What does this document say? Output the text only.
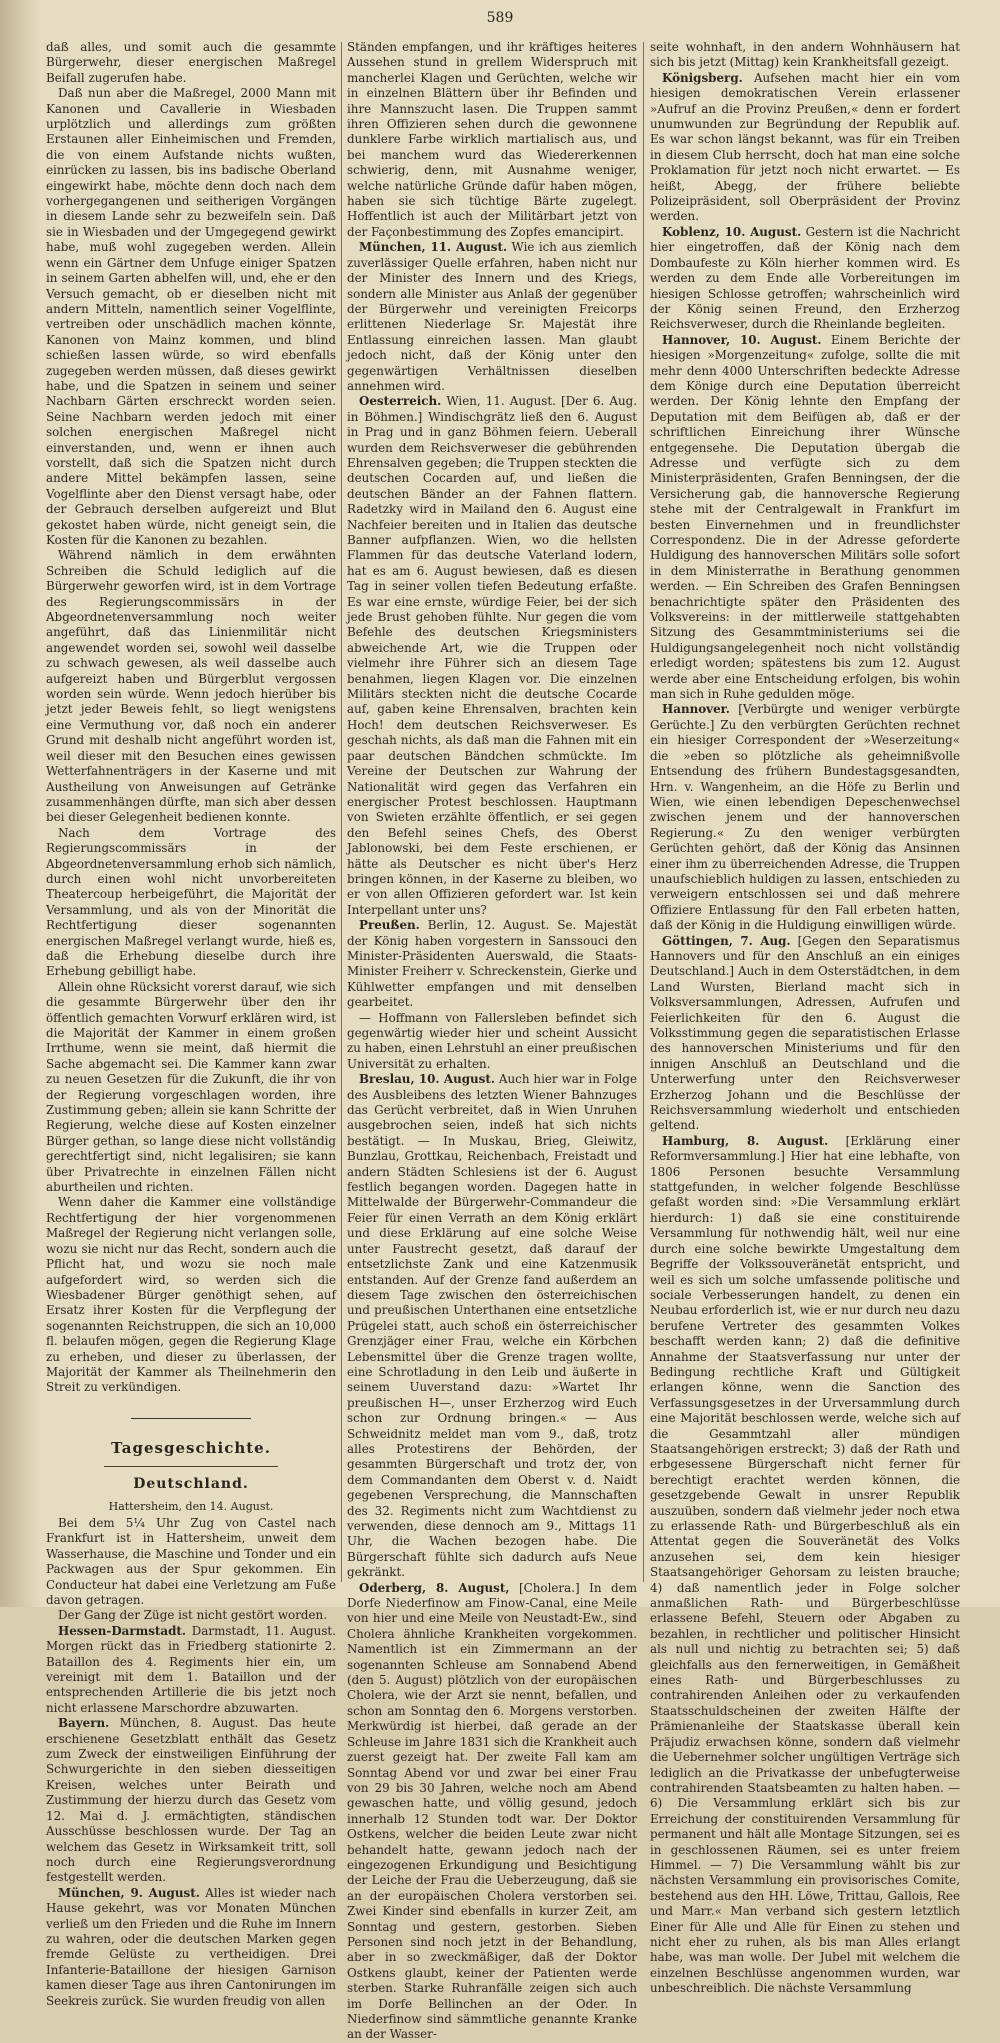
589

daß alles, und somit auch die gesammte Bürgerwehr, dieser energischen Maßregel Beifall zugerufen habe.

Daß nun aber die Maßregel, 2000 Mann mit Kanonen und Cavallerie in Wiesbaden urplötzlich und allerdings zum größten Erstaunen aller Einheimischen und Fremden, die von einem Aufstande nichts wußten, einrücken zu lassen, bis ins badische Oberland eingewirkt habe, möchte denn doch nach dem vorhergegangenen und seitherigen Vorgängen in diesem Lande sehr zu bezweifeln sein. Daß sie in Wiesbaden und der Umgegegend gewirkt habe, muß wohl zugegeben werden. Allein wenn ein Gärtner dem Unfuge einiger Spatzen in seinem Garten abhelfen will, und, ehe er den Versuch gemacht, ob er dieselben nicht mit andern Mitteln, namentlich seiner Vogelflinte, vertreiben oder unschädlich machen könnte, Kanonen von Mainz kommen, und blind schießen lassen würde, so wird ebenfalls zugegeben werden müssen, daß dieses gewirkt habe, und die Spatzen in seinem und seiner Nachbarn Gärten erschreckt worden seien. Seine Nachbarn werden jedoch mit einer solchen energischen Maßregel nicht einverstanden, und, wenn er ihnen auch vorstellt, daß sich die Spatzen nicht durch andere Mittel bekämpfen lassen, seine Vogelflinte aber den Dienst versagt habe, oder der Gebrauch derselben aufgereizt und Blut gekostet haben würde, nicht geneigt sein, die Kosten für die Kanonen zu bezahlen.

Während nämlich in dem erwähnten Schreiben die Schuld lediglich auf die Bürgerwehr geworfen wird, ist in dem Vortrage des Regierungscommissärs in der Abgeordnetenversammlung noch weiter angeführt, daß das Linienmilitär nicht angewendet worden sei, sowohl weil dasselbe zu schwach gewesen, als weil dasselbe auch aufgereizt haben und Bürgerblut vergossen worden sein würde. Wenn jedoch hierüber bis jetzt jeder Beweis fehlt, so liegt wenigstens eine Vermuthung vor, daß noch ein anderer Grund mit deshalb nicht angeführt worden ist, weil dieser mit den Besuchen eines gewissen Wetterfahnenträgers in der Kaserne und mit Austheilung von Anweisungen auf Getränke zusammenhängen dürfte, man sich aber dessen bei dieser Gelegenheit bedienen konnte.

Nach dem Vortrage des Regierungscommissärs in der Abgeordnetenversammlung erhob sich nämlich, durch einen wohl nicht unvorbereiteten Theatercoup herbeigeführt, die Majorität der Versammlung, und als von der Minorität die Rechtfertigung dieser sogenannten energischen Maßregel verlangt wurde, hieß es, daß die Erhebung dieselbe durch ihre Erhebung gebilligt habe.

Allein ohne Rücksicht vorerst darauf, wie sich die gesammte Bürgerwehr über den ihr öffentlich gemachten Vorwurf erklären wird, ist die Majorität der Kammer in einem großen Irrthume, wenn sie meint, daß hiermit die Sache abgemacht sei. Die Kammer kann zwar zu neuen Gesetzen für die Zukunft, die ihr von der Regierung vorgeschlagen worden, ihre Zustimmung geben; allein sie kann Schritte der Regierung, welche diese auf Kosten einzelner Bürger gethan, so lange diese nicht vollständig gerechtfertigt sind, nicht legalisiren; sie kann über Privatrechte in einzelnen Fällen nicht aburtheilen und richten.

Wenn daher die Kammer eine vollständige Rechtfertigung der hier vorgenommenen Maßregel der Regierung nicht verlangen solle, wozu sie nicht nur das Recht, sondern auch die Pflicht hat, und wozu sie noch male aufgefordert wird, so werden sich die Wiesbadener Bürger genöthigt sehen, auf Ersatz ihrer Kosten für die Verpflegung der sogenannten Reichstruppen, die sich an 10,000 fl. belaufen mögen, gegen die Regierung Klage zu erheben, und dieser zu überlassen, der Majorität der Kammer als Theilnehmerin den Streit zu verkündigen.

Tagesgeschichte.
Deutschland.
Hattersheim, den 14. August.

Bei dem 5¼ Uhr Zug von Castel nach Frankfurt ist in Hattersheim, unweit dem Wasserhause, die Maschine und Tonder und ein Packwagen aus der Spur gekommen. Ein Conducteur hat dabei eine Verletzung am Fuße davon getragen.

Der Gang der Züge ist nicht gestört worden.

Hessen-Darmstadt. Darmstadt, 11. August. Morgen rückt das in Friedberg stationirte 2. Bataillon des 4. Regiments hier ein, um vereinigt mit dem 1. Bataillon und der entsprechenden Artillerie die bis jetzt noch nicht erlassene Marschordre abzuwarten.

Bayern. München, 8. August. Das heute erschienene Gesetzblatt enthält das Gesetz zum Zweck der einstweiligen Einführung der Schwurgerichte in den sieben diesseitigen Kreisen, welches unter Beirath und Zustimmung der hierzu durch das Gesetz vom 12. Mai d. J. ermächtigten, ständischen Ausschüsse beschlossen wurde. Der Tag an welchem das Gesetz in Wirksamkeit tritt, soll noch durch eine Regierungsverordnung festgestellt werden.

München, 9. August. Alles ist wieder nach Hause gekehrt, was vor Monaten München verließ um den Frieden und die Ruhe im Innern zu wahren, oder die deutschen Marken gegen fremde Gelüste zu vertheidigen. Drei Infanterie-Bataillone der hiesigen Garnison kamen dieser Tage aus ihren Cantonirungen im Seekreis zurück. Sie wurden freudig von allen

Ständen empfangen, und ihr kräftiges heiteres Aussehen stund in grellem Widerspruch mit mancherlei Klagen und Gerüchten, welche wir in einzelnen Blättern über ihr Befinden und ihre Mannszucht lasen. Die Truppen sammt ihren Offizieren sehen durch die gewonnene dunklere Farbe wirklich martialisch aus, und bei manchem wurd das Wiedererkennen schwierig, denn, mit Ausnahme weniger, welche natürliche Gründe dafür haben mögen, haben sie sich tüchtige Bärte zugelegt. Hoffentlich ist auch der Militärbart jetzt von der Façonbestimmung des Zopfes emancipirt.

München, 11. August. Wie ich aus ziemlich zuverlässiger Quelle erfahren, haben nicht nur der Minister des Innern und des Kriegs, sondern alle Minister aus Anlaß der gegenüber der Bürgerwehr und vereinigten Freicorps erlittenen Niederlage Sr. Majestät ihre Entlassung einreichen lassen. Man glaubt jedoch nicht, daß der König unter den gegenwärtigen Verhältnissen dieselben annehmen wird.

Oesterreich. Wien, 11. August. [Der 6. Aug. in Böhmen.] Windischgrätz ließ den 6. August in Prag und in ganz Böhmen feiern. Ueberall wurden dem Reichsverweser die gebührenden Ehrensalven gegeben; die Truppen steckten die deutschen Cocarden auf, und ließen die deutschen Bänder an der Fahnen flattern. Radetzky wird in Mailand den 6. August eine Nachfeier bereiten und in Italien das deutsche Banner aufpflanzen. Wien, wo die hellsten Flammen für das deutsche Vaterland lodern, hat es am 6. August bewiesen, daß es diesen Tag in seiner vollen tiefen Bedeutung erfaßte. Es war eine ernste, würdige Feier, bei der sich jede Brust gehoben fühlte. Nur gegen die vom Befehle des deutschen Kriegsministers abweichende Art, wie die Truppen oder vielmehr ihre Führer sich an diesem Tage benahmen, liegen Klagen vor. Die einzelnen Militärs steckten nicht die deutsche Cocarde auf, gaben keine Ehrensalven, brachten kein Hoch! dem deutschen Reichsverweser. Es geschah nichts, als daß man die Fahnen mit ein paar deutschen Bändchen schmückte. Im Vereine der Deutschen zur Wahrung der Nationalität wird gegen das Verfahren ein energischer Protest beschlossen. Hauptmann von Swieten erzählte öffentlich, er sei gegen den Befehl seines Chefs, des Oberst Jablonowski, bei dem Feste erschienen, er hätte als Deutscher es nicht über's Herz bringen können, in der Kaserne zu bleiben, wo er von allen Offizieren gefordert war. Ist kein Interpellant unter uns?

Preußen. Berlin, 12. August. Se. Majestät der König haben vorgestern in Sanssouci den Minister-Präsidenten Auerswald, die Staats-Minister Freiherr v. Schreckenstein, Gierke und Kühlwetter empfangen und mit denselben gearbeitet.

— Hoffmann von Fallersleben befindet sich gegenwärtig wieder hier und scheint Aussicht zu haben, einen Lehrstuhl an einer preußischen Universität zu erhalten.

Breslau, 10. August. Auch hier war in Folge des Ausbleibens des letzten Wiener Bahnzuges das Gerücht verbreitet, daß in Wien Unruhen ausgebrochen seien, indeß hat sich nichts bestätigt. — In Muskau, Brieg, Gleiwitz, Bunzlau, Grottkau, Reichenbach, Freistadt und andern Städten Schlesiens ist der 6. August festlich begangen worden. Dagegen hatte in Mittelwalde der Bürgerwehr-Commandeur die Feier für einen Verrath an dem König erklärt und diese Erklärung auf eine solche Weise unter Faustrecht gesetzt, daß darauf der entsetzlichste Zank und eine Katzenmusik entstanden. Auf der Grenze fand außerdem an diesem Tage zwischen den österreichischen und preußischen Unterthanen eine entsetzliche Prügelei statt, auch schoß ein österreichischer Grenzjäger einer Frau, welche ein Körbchen Lebensmittel über die Grenze tragen wollte, eine Schrotladung in den Leib und äußerte in seinem Uuverstand dazu: »Wartet Ihr preußischen H—, unser Erzherzog wird Euch schon zur Ordnung bringen.« — Aus Schweidnitz meldet man vom 9., daß, trotz alles Protestirens der Behörden, der gesammten Bürgerschaft und trotz der, von dem Commandanten dem Oberst v. d. Naidt gegebenen Versprechung, die Mannschaften des 32. Regiments nicht zum Wachtdienst zu verwenden, diese dennoch am 9., Mittags 11 Uhr, die Wachen bezogen habe. Die Bürgerschaft fühlte sich dadurch aufs Neue gekränkt.

Oderberg, 8. August, [Cholera.] In dem Dorfe Niederfinow am Finow-Canal, eine Meile von hier und eine Meile von Neustadt-Ew., sind Cholera ähnliche Krankheiten vorgekommen. Namentlich ist ein Zimmermann an der sogenannten Schleuse am Sonnabend Abend (den 5. August) plötzlich von der europäischen Cholera, wie der Arzt sie nennt, befallen, und schon am Sonntag den 6. Morgens verstorben. Merkwürdig ist hierbei, daß gerade an der Schleuse im Jahre 1831 sich die Krankheit auch zuerst gezeigt hat. Der zweite Fall kam am Sonntag Abend vor und zwar bei einer Frau von 29 bis 30 Jahren, welche noch am Abend gewaschen hatte, und völlig gesund, jedoch innerhalb 12 Stunden todt war. Der Doktor Ostkens, welcher die beiden Leute zwar nicht behandelt hatte, gewann jedoch nach der eingezogenen Erkundigung und Besichtigung der Leiche der Frau die Ueberzeugung, daß sie an der europäischen Cholera verstorben sei. Zwei Kinder sind ebenfalls in kurzer Zeit, am Sonntag und gestern, gestorben. Sieben Personen sind noch jetzt in der Behandlung, aber in so zweckmäßiger, daß der Doktor Ostkens glaubt, keiner der Patienten werde sterben. Starke Ruhranfälle zeigen sich auch im Dorfe Bellinchen an der Oder. In Niederfinow sind sämmtliche genannte Kranke an der Wasser-

seite wohnhaft, in den andern Wohnhäusern hat sich bis jetzt (Mittag) kein Krankheitsfall gezeigt.

Königsberg. Aufsehen macht hier ein vom hiesigen demokratischen Verein erlassener »Aufruf an die Provinz Preußen,« denn er fordert unumwunden zur Begründung der Republik auf. Es war schon längst bekannt, was für ein Treiben in diesem Club herrscht, doch hat man eine solche Proklamation für jetzt noch nicht erwartet. — Es heißt, Abegg, der frühere beliebte Polizeipräsident, soll Oberpräsident der Provinz werden.

Koblenz, 10. August. Gestern ist die Nachricht hier eingetroffen, daß der König nach dem Dombaufeste zu Köln hierher kommen wird. Es werden zu dem Ende alle Vorbereitungen im hiesigen Schlosse getroffen; wahrscheinlich wird der König seinen Freund, den Erzherzog Reichsverweser, durch die Rheinlande begleiten.

Hannover, 10. August. Einem Berichte der hiesigen »Morgenzeitung« zufolge, sollte die mit mehr denn 4000 Unterschriften bedeckte Adresse dem Könige durch eine Deputation überreicht werden. Der König lehnte den Empfang der Deputation mit dem Beifügen ab, daß er der schriftlichen Einreichung ihrer Wünsche entgegensehe. Die Deputation übergab die Adresse und verfügte sich zu dem Ministerpräsidenten, Grafen Benningsen, der die Versicherung gab, die hannoversche Regierung stehe mit der Centralgewalt in Frankfurt im besten Einvernehmen und in freundlichster Correspondenz. Die in der Adresse geforderte Huldigung des hannoverschen Militärs solle sofort in dem Ministerrathe in Berathung genommen werden. — Ein Schreiben des Grafen Benningsen benachrichtigte später den Präsidenten des Volksvereins: in der mittlerweile stattgehabten Sitzung des Gesammtministeriums sei die Huldigungsangelegenheit noch nicht vollständig erledigt worden; spätestens bis zum 12. August werde aber eine Entscheidung erfolgen, bis wohin man sich in Ruhe gedulden möge.

Hannover. [Verbürgte und weniger verbürgte Gerüchte.] Zu den verbürgten Gerüchten rechnet ein hiesiger Correspondent der »Weserzeitung« die »eben so plötzliche als geheimnißvolle Entsendung des frühern Bundestagsgesandten, Hrn. v. Wangenheim, an die Höfe zu Berlin und Wien, wie einen lebendigen Depeschenwechsel zwischen jenem und der hannoverschen Regierung.« Zu den weniger verbürgten Gerüchten gehört, daß der König das Ansinnen einer ihm zu überreichenden Adresse, die Truppen unaufschieblich huldigen zu lassen, entschieden zu verweigern entschlossen sei und daß mehrere Offiziere Entlassung für den Fall erbeten hatten, daß der König in die Huldigung einwilligen würde.

Göttingen, 7. Aug. [Gegen den Separatismus Hannovers und für den Anschluß an ein einiges Deutschland.] Auch in dem Osterstädtchen, in dem Land Wursten, Bierland macht sich in Volksversammlungen, Adressen, Aufrufen und Feierlichkeiten für den 6. August die Volksstimmung gegen die separatistischen Erlasse des hannoverschen Ministeriums und für den innigen Anschluß an Deutschland und die Unterwerfung unter den Reichsverweser Erzherzog Johann und die Beschlüsse der Reichsversammlung wiederholt und entschieden geltend.

Hamburg, 8. August. [Erklärung einer Reformversammlung.] Hier hat eine lebhafte, von 1806 Personen besuchte Versammlung stattgefunden, in welcher folgende Beschlüsse gefaßt worden sind: »Die Versammlung erklärt hierdurch: 1) daß sie eine constituirende Versammlung für nothwendig hält, weil nur eine durch eine solche bewirkte Umgestaltung dem Begriffe der Volkssouveränetät entspricht, und weil es sich um solche umfassende politische und sociale Verbesserungen handelt, zu denen ein Neubau erforderlich ist, wie er nur durch neu dazu berufene Vertreter des gesammten Volkes beschafft werden kann; 2) daß die definitive Annahme der Staatsverfassung nur unter der Bedingung rechtliche Kraft und Gültigkeit erlangen könne, wenn die Sanction des Verfassungsgesetzes in der Urversammlung durch eine Majorität beschlossen werde, welche sich auf die Gesammtzahl aller mündigen Staatsangehörigen erstreckt; 3) daß der Rath und erbgesessene Bürgerschaft nicht ferner für berechtigt erachtet werden können, die gesetzgebende Gewalt in unsrer Republik auszuüben, sondern daß vielmehr jeder noch etwa zu erlassende Rath- und Bürgerbeschluß als ein Attentat gegen die Souveränetät des Volks anzusehen sei, dem kein hiesiger Staatsangehöriger Gehorsam zu leisten brauche; 4) daß namentlich jeder in Folge solcher anmaßlichen Rath- und Bürgerbeschlüsse erlassene Befehl, Steuern oder Abgaben zu bezahlen, in rechtlicher und politischer Hinsicht als null und nichtig zu betrachten sei; 5) daß gleichfalls aus den fernerweitigen, in Gemäßheit eines Rath- und Bürgerbeschlusses zu contrahirenden Anleihen oder zu verkaufenden Staatsschuldscheinen der zweiten Hälfte der Prämienanleihe der Staatskasse überall kein Präjudiz erwachsen könne, sondern daß vielmehr die Uebernehmer solcher ungültigen Verträge sich lediglich an die Privatkasse der unbefugterweise contrahirenden Staatsbeamten zu halten haben. — 6) Die Versammlung erklärt sich bis zur Erreichung der constituirenden Versammlung für permanent und hält alle Montage Sitzungen, sei es in geschlossenen Räumen, sei es unter freiem Himmel. — 7) Die Versammlung wählt bis zur nächsten Versammlung ein provisorisches Comite, bestehend aus den HH. Löwe, Trittau, Gallois, Ree und Marr.« Man verband sich gestern letztlich Einer für Alle und Alle für Einen zu stehen und nicht eher zu ruhen, als bis man Alles erlangt habe, was man wolle. Der Jubel mit welchem die einzelnen Beschlüsse angenommen wurden, war unbeschreiblich. Die nächste Versammlung
